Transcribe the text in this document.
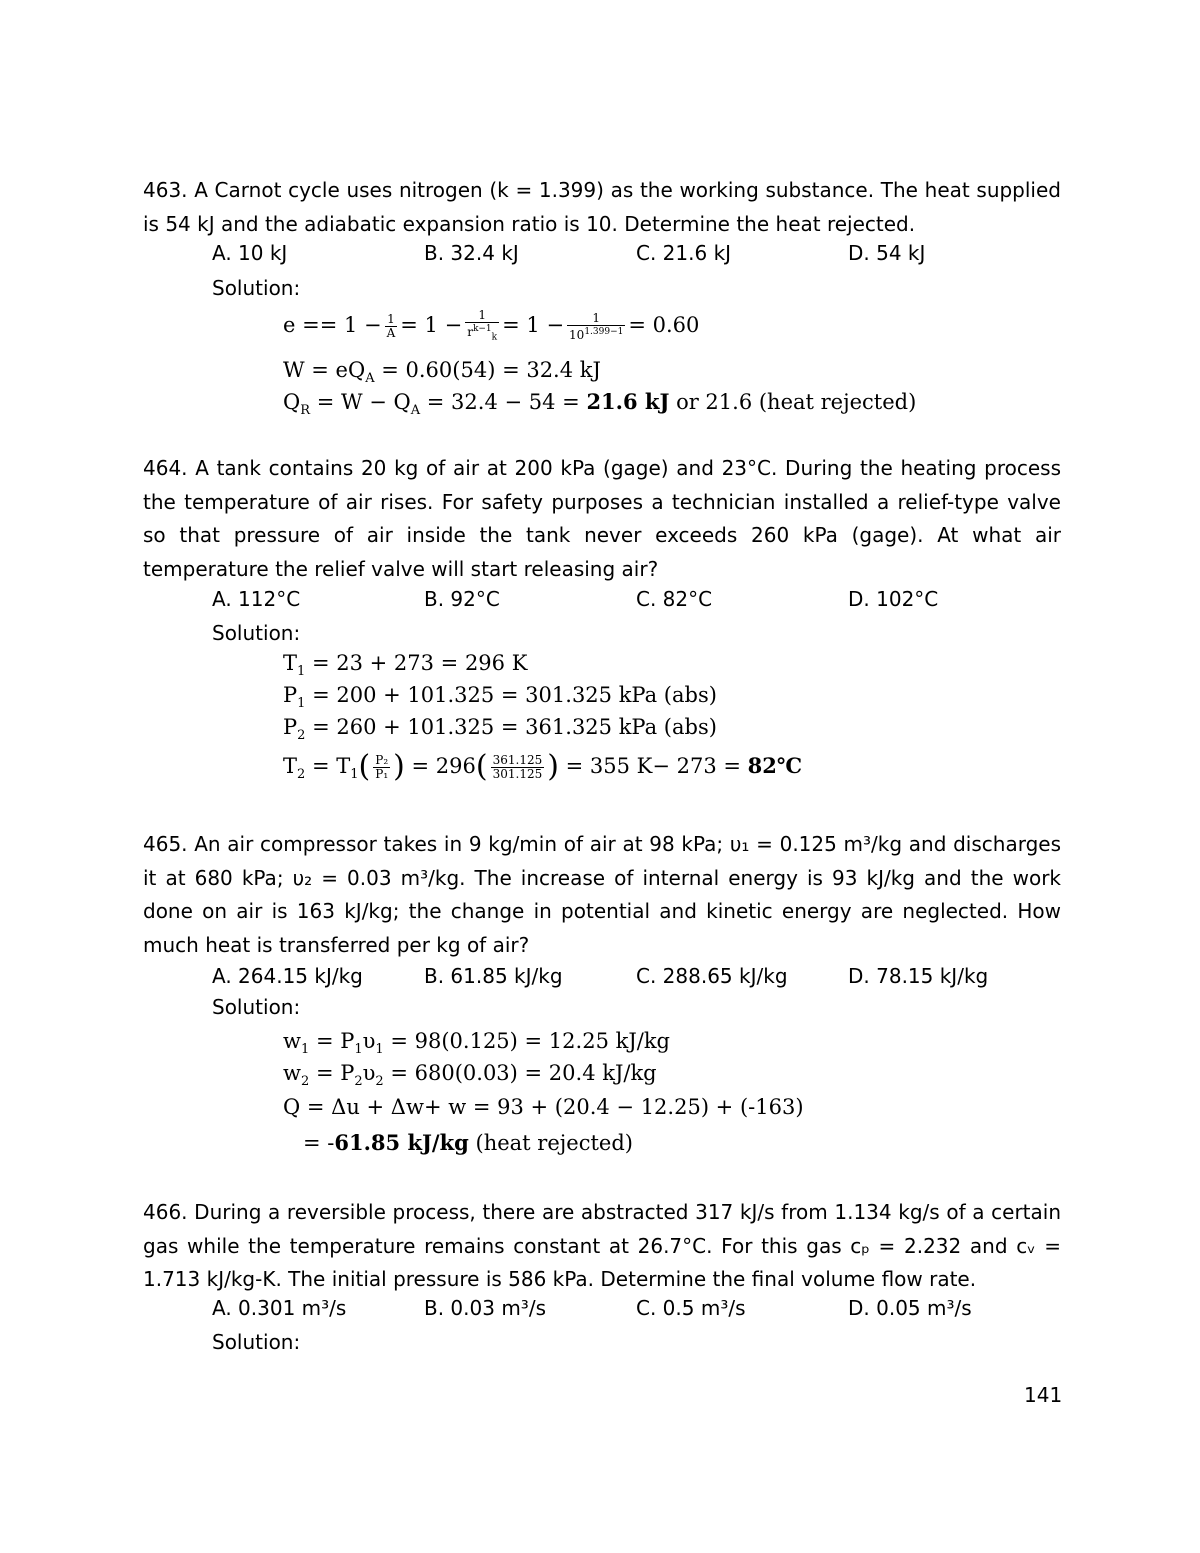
463. A Carnot cycle uses nitrogen (k = 1.399) as the working substance. The heat supplied is 54 kJ and the adiabatic expansion ratio is 10. Determine the heat rejected.
A. 10 kJ	B. 32.4 kJ	C. 21.6 kJ	D. 54 kJ
Solution:
$e == 1 - \frac{1}{A} = 1 - \frac{1}{r^{k-1}_k} = 1 - \frac{1}{10^{1.399-1}} = 0.60$
$W = eQ_A = 0.60(54) = 32.4$ kJ
$Q_R = W - Q_A = 32.4 - 54 = 21.6$ kJ or 21.6 (heat rejected)
464. A tank contains 20 kg of air at 200 kPa (gage) and 23°C. During the heating process the temperature of air rises. For safety purposes a technician installed a relief-type valve so that pressure of air inside the tank never exceeds 260 kPa (gage). At what air temperature the relief valve will start releasing air?
A. 112°C	B. 92°C	C. 82°C	D. 102°C
Solution:
$T_1 = 23 + 273 = 296$ K
$P_1 = 200 + 101.325 = 301.325$ kPa (abs)
$P_2 = 260 + 101.325 = 361.325$ kPa (abs)
$T_2 = T_1( \frac{\text{P₂}}{\text{P₁}}$ ) = $296( \frac{361.125}{301.125}$ ) = 355 K− 273 = 82℃
465. An air compressor takes in 9 kg/min of air at 98 kPa; υ₁ = 0.125 m³/kg and discharges it at 680 kPa; υ₂ = 0.03 m³/kg. The increase of internal energy is 93 kJ/kg and the work done on air is 163 kJ/kg; the change in potential and kinetic energy are neglected. How much heat is transferred per kg of air?
A. 264.15 kJ/kg	B. 61.85 kJ/kg	C. 288.65 kJ/kg	D. 78.15 kJ/kg
Solution:
$w_1 = P_1\upsilon_1 = 98(0.125) = 12.25$ kJ/kg
$w_2 = P_2\upsilon_2 = 680(0.03) = 20.4$ kJ/kg
Q = Δu + Δw+ w = 93 + (20.4 − 12.25) + (-163)
= -61.85 kJ/kg (heat rejected)
466. During a reversible process, there are abstracted 317 kJ/s from 1.134 kg/s of a certain gas while the temperature remains constant at 26.7°C. For this gas cₚ = 2.232 and cᵥ = 1.713 kJ/kg-K. The initial pressure is 586 kPa. Determine the final volume flow rate.
A. 0.301 m³/s	B. 0.03 m³/s	C. 0.5 m³/s	D. 0.05 m³/s
Solution:
141
